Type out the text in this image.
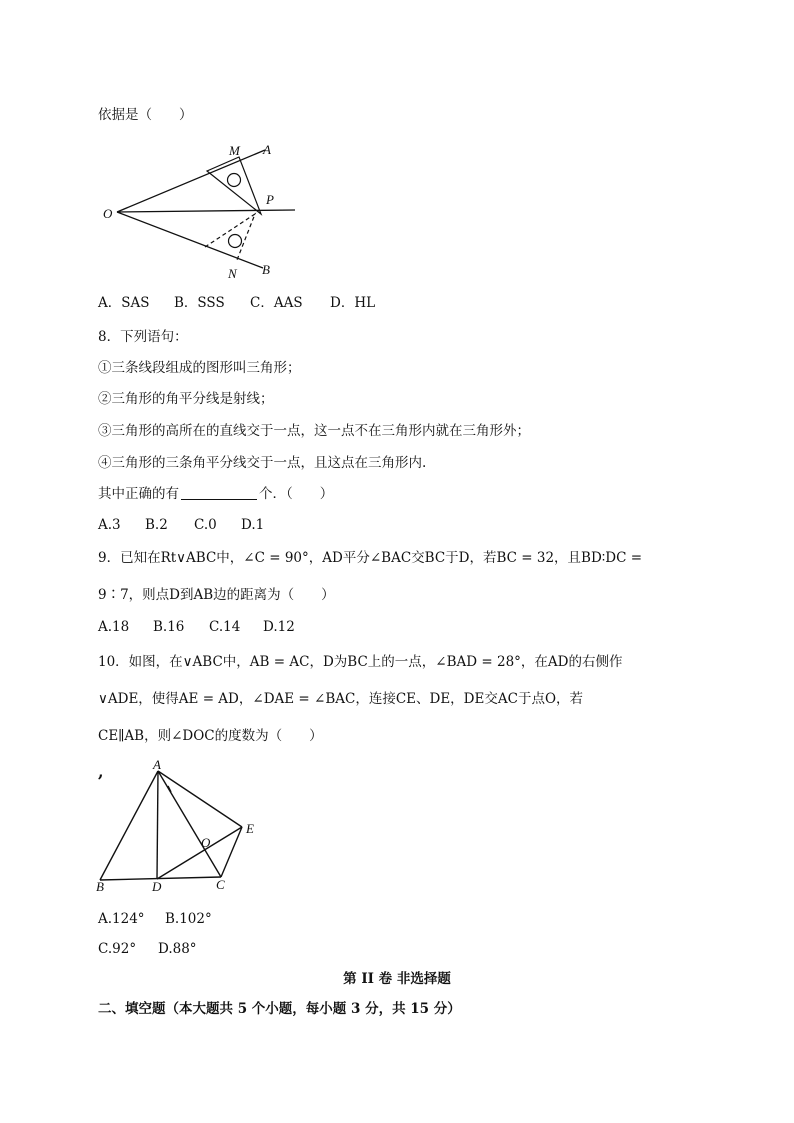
依据是（　　）
M A
O
P
N B
A．SAS B．SSS C．AAS D．HL
8．下列语句：
①三条线段组成的图形叫三角形；
②三角形的角平分线是射线；
③三角形的高所在的直线交于一点，这一点不在三角形内就在三角形外；
④三角形的三条角平分线交于一点，且这点在三角形内.
其中正确的有	个．（　　）
A.3 B.2 C.0 D.1
9．已知在Rt∨ABC中，∠C = 90°，AD平分∠BAC交BC于D，若BC = 32，且BD∶DC =
9∶7，则点D到AB边的距离为（　　）
A.18 B.16 C.14 D.12
10．如图，在∨ABC中，AB = AC，D为BC上的一点，∠BAD = 28°，在AD的右侧作
∨ADE，使得AE = AD，∠DAE = ∠BAC，连接CE、DE，DE交AC于点O，若
CE∥AB，则∠DOC的度数为（　　）
,	A
B	D	C
E
O
A.124° B.102°
C.92° D.88°
第 II 卷 非选择题
二、填空题（本大题共 5 个小题，每小题 3 分，共 15 分）
